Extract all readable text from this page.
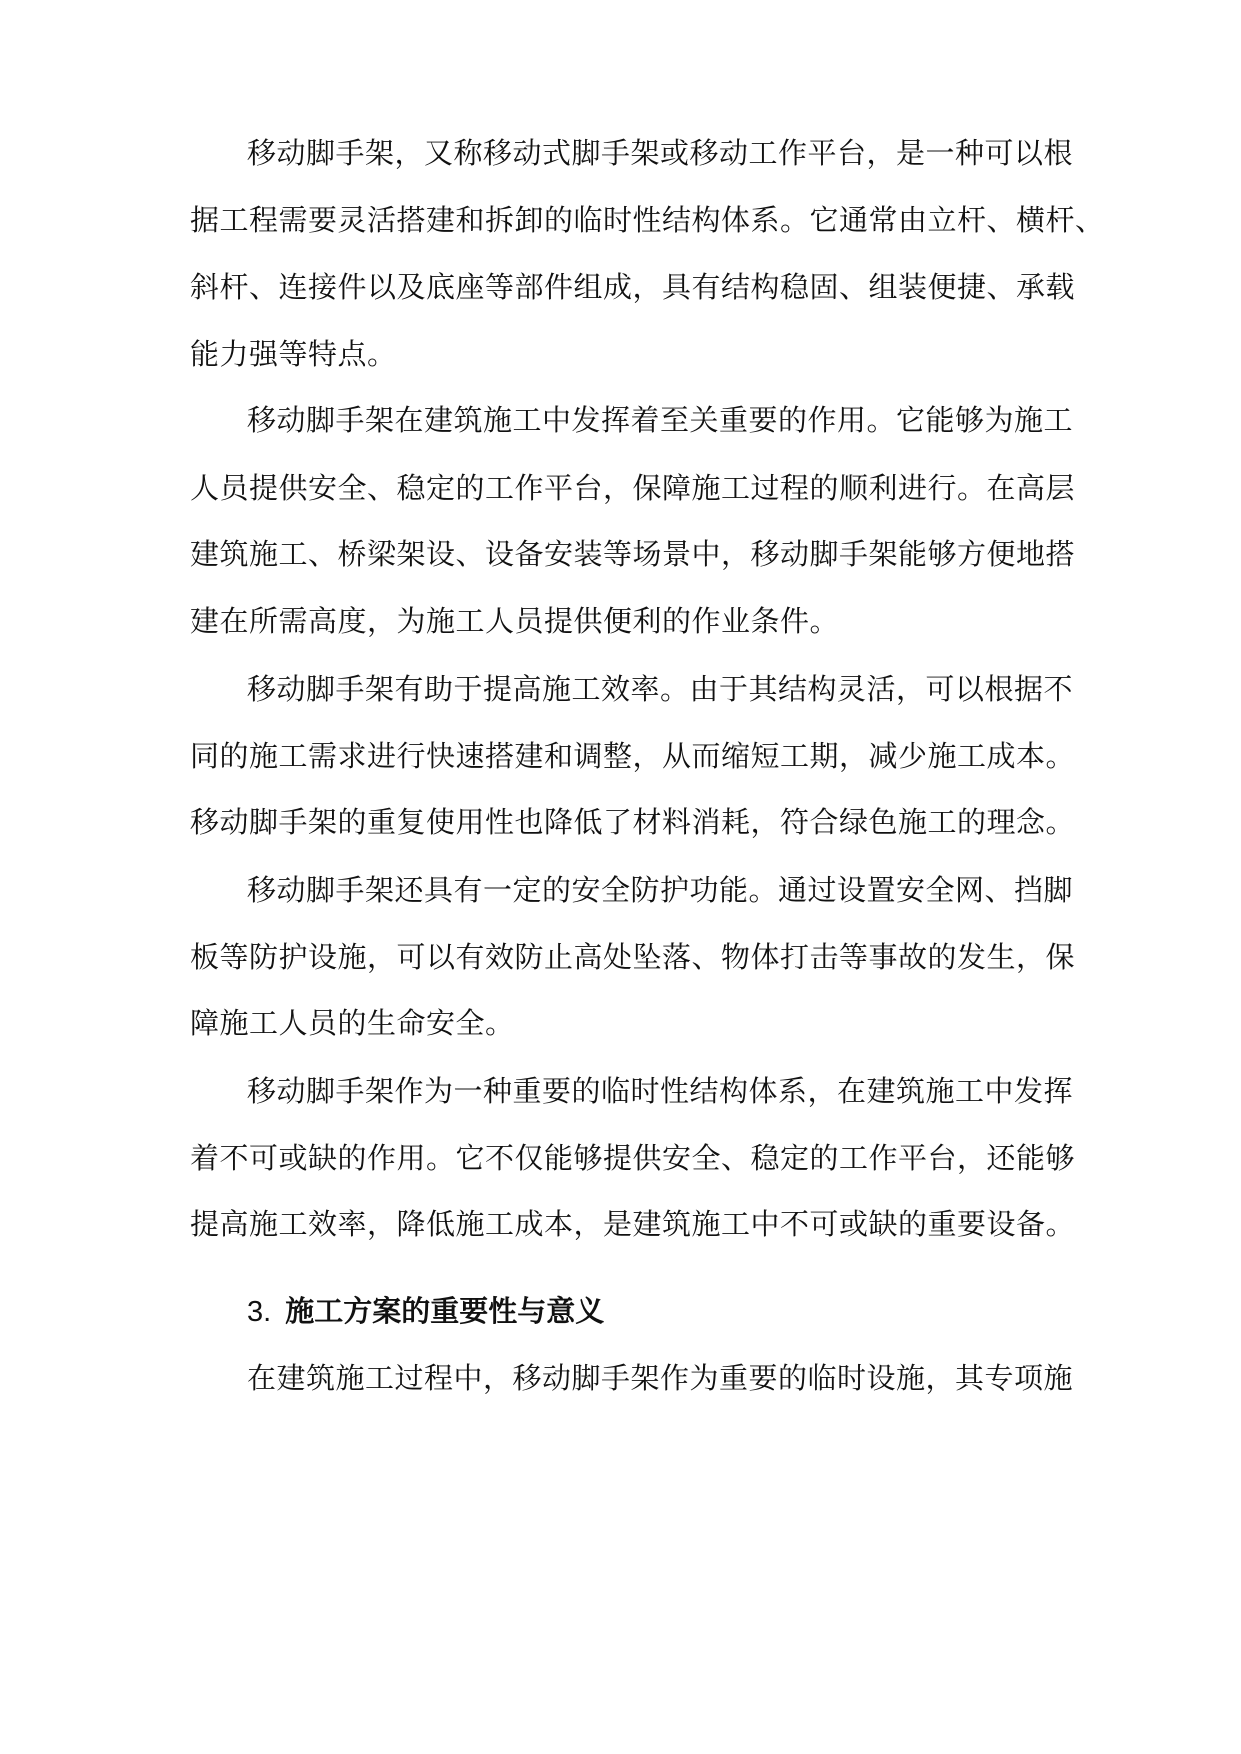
移动脚手架，又称移动式脚手架或移动工作平台，是一种可以根
据工程需要灵活搭建和拆卸的临时性结构体系。它通常由立杆、横杆、
斜杆、连接件以及底座等部件组成，具有结构稳固、组装便捷、承载
能力强等特点。
移动脚手架在建筑施工中发挥着至关重要的作用。它能够为施工
人员提供安全、稳定的工作平台，保障施工过程的顺利进行。在高层
建筑施工、桥梁架设、设备安装等场景中，移动脚手架能够方便地搭
建在所需高度，为施工人员提供便利的作业条件。
移动脚手架有助于提高施工效率。由于其结构灵活，可以根据不
同的施工需求进行快速搭建和调整，从而缩短工期，减少施工成本。
移动脚手架的重复使用性也降低了材料消耗，符合绿色施工的理念。
移动脚手架还具有一定的安全防护功能。通过设置安全网、挡脚
板等防护设施，可以有效防止高处坠落、物体打击等事故的发生，保
障施工人员的生命安全。
移动脚手架作为一种重要的临时性结构体系，在建筑施工中发挥
着不可或缺的作用。它不仅能够提供安全、稳定的工作平台，还能够
提高施工效率，降低施工成本，是建筑施工中不可或缺的重要设备。
3. 施工方案的重要性与意义
在建筑施工过程中，移动脚手架作为重要的临时设施，其专项施
